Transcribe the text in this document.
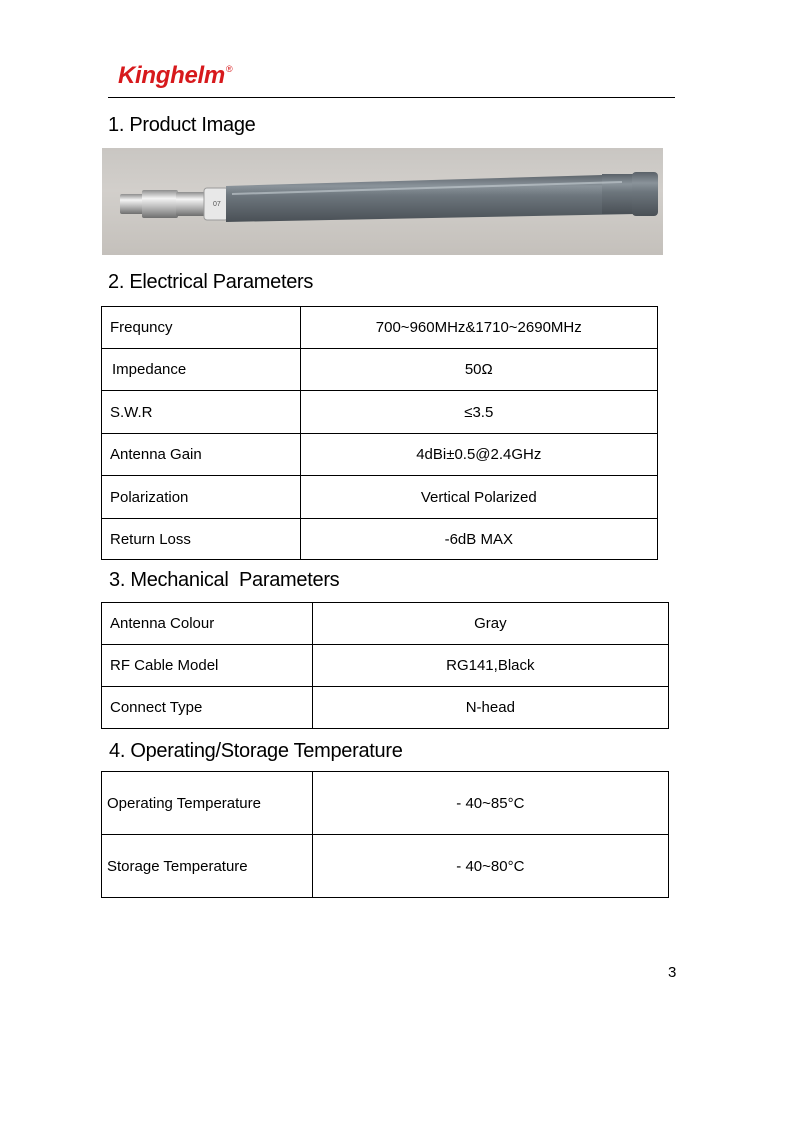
Kinghelm®
1. Product Image
07
2. Electrical Parameters
Frequncy	700~960MHz&1710~2690MHz
Impedance	50Ω
S.W.R	≤3.5
Antenna Gain	4dBi±0.5@2.4GHz
Polarization	Vertical Polarized
Return Loss	-6dB MAX
3. Mechanical  Parameters
Antenna Colour	Gray
RF Cable Model	RG141,Black
Connect Type	N-head
4. Operating/Storage Temperature
Operating Temperature	- 40~85°C
Storage Temperature	- 40~80°C
3
